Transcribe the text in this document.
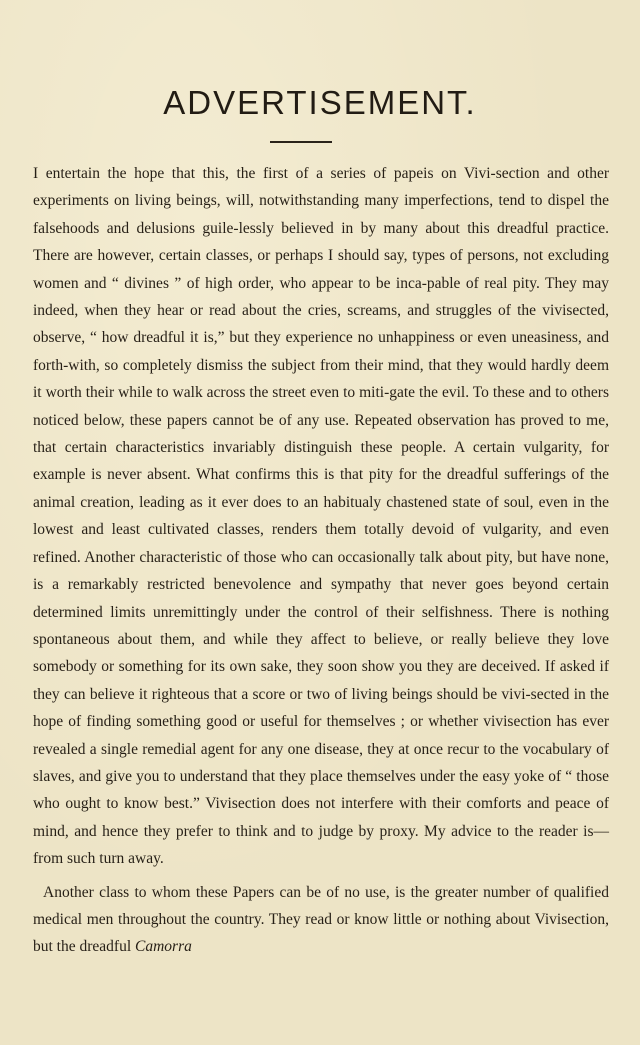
ADVERTISEMENT.

I entertain the hope that this, the first of a series of papeis on Vivi-section and other experiments on living beings, will, notwithstanding many imperfections, tend to dispel the falsehoods and delusions guile-lessly believed in by many about this dreadful practice. There are however, certain classes, or perhaps I should say, types of persons, not excluding women and “ divines ” of high order, who appear to be inca-pable of real pity. They may indeed, when they hear or read about the cries, screams, and struggles of the vivisected, observe, “ how dreadful it is,” but they experience no unhappiness or even uneasiness, and forth-with, so completely dismiss the subject from their mind, that they would hardly deem it worth their while to walk across the street even to miti-gate the evil. To these and to others noticed below, these papers cannot be of any use. Repeated observation has proved to me, that certain characteristics invariably distinguish these people. A certain vulgarity, for example is never absent. What confirms this is that pity for the dreadful sufferings of the animal creation, leading as it ever does to an habitualy chastened state of soul, even in the lowest and least cultivated classes, renders them totally devoid of vulgarity, and even refined. Another characteristic of those who can occasionally talk about pity, but have none, is a remarkably restricted benevolence and sympathy that never goes beyond certain determined limits unremittingly under the control of their selfishness. There is nothing spontaneous about them, and while they affect to believe, or really believe they love somebody or something for its own sake, they soon show you they are deceived. If asked if they can believe it righteous that a score or two of living beings should be vivi-sected in the hope of finding something good or useful for themselves ; or whether vivisection has ever revealed a single remedial agent for any one disease, they at once recur to the vocabulary of slaves, and give you to understand that they place themselves under the easy yoke of “ those who ought to know best.” Vivisection does not interfere with their comforts and peace of mind, and hence they prefer to think and to judge by proxy. My advice to the reader is—from such turn away.

Another class to whom these Papers can be of no use, is the greater number of qualified medical men throughout the country. They read or know little or nothing about Vivisection, but the dreadful Camorra
